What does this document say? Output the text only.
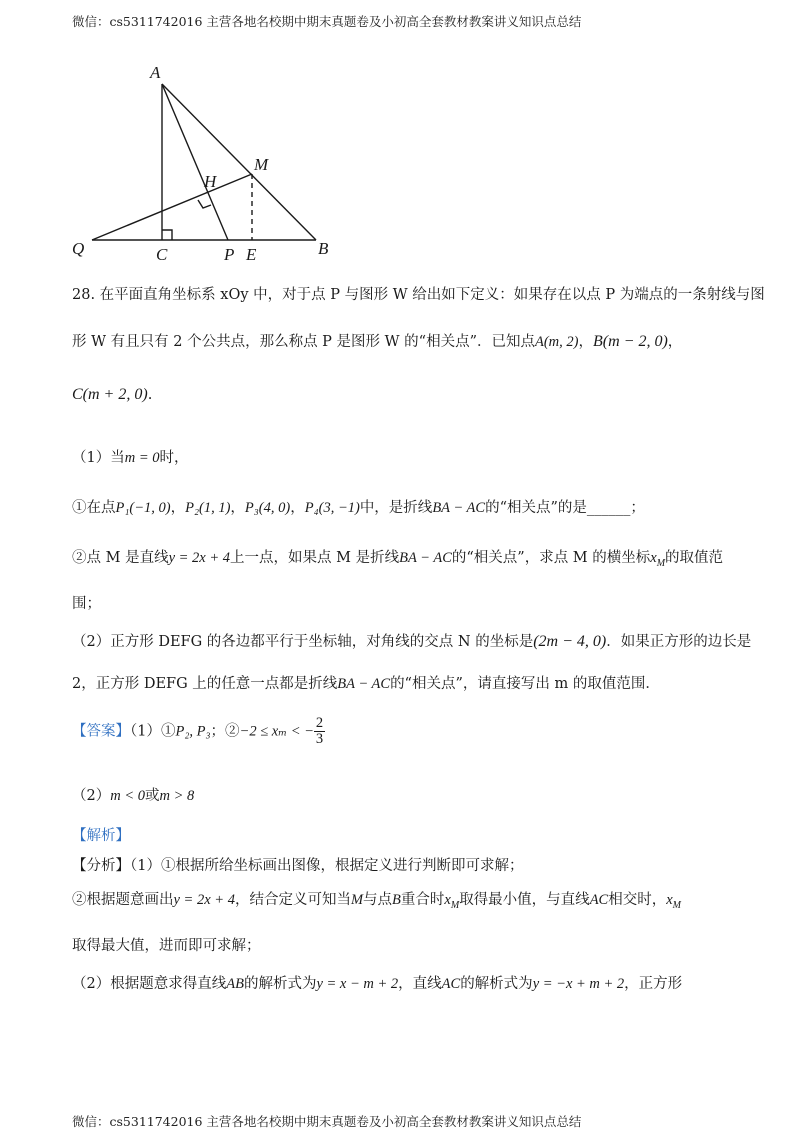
微信：cs5311742016 主营各地名校期中期末真题卷及小初高全套教材教案讲义知识点总结
A
M
H
Q	C	P E	B
28. 在平面直角坐标系 xOy 中，对于点 P 与图形 W 给出如下定义：如果存在以点 P 为端点的一条射线与图
形 W 有且只有 2 个公共点，那么称点 P 是图形 W 的“相关点”．已知点A(m, 2)，B(m − 2, 0)，
C(m + 2, 0).
（1）当m = 0时，
①在点P₁(−1, 0)，P₂(1, 1)，P₃(4, 0)，P₄(3, −1)中，是折线BA − AC的“相关点”的是______；
②点 M 是直线y = 2x + 4上一点，如果点 M 是折线BA − AC的“相关点”，求点 M 的横坐标$x_M$的取值范
围；
（2）正方形 DEFG 的各边都平行于坐标轴，对角线的交点 N 的坐标是(2m − 4, 0)．如果正方形的边长是
2，正方形 DEFG 上的任意一点都是折线BA − AC的“相关点”，请直接写出 m 的取值范围．
【答案】（1）①P₂, P₃；②−2 ≤ xₘ < − $\frac{2}{3}$
（2）m < 0或m > 8
【解析】
【分析】（1）①根据所给坐标画出图像，根据定义进行判断即可求解；
②根据题意画出y = 2x + 4，结合定义可知当M与点B重合时$x_M$取得最小值，与直线AC相交时，$x_M$
取得最大值，进而即可求解；
（2）根据题意求得直线AB的解析式为y = x − m + 2，直线AC的解析式为y = −x + m + 2，正方形
微信：cs5311742016 主营各地名校期中期末真题卷及小初高全套教材教案讲义知识点总结
